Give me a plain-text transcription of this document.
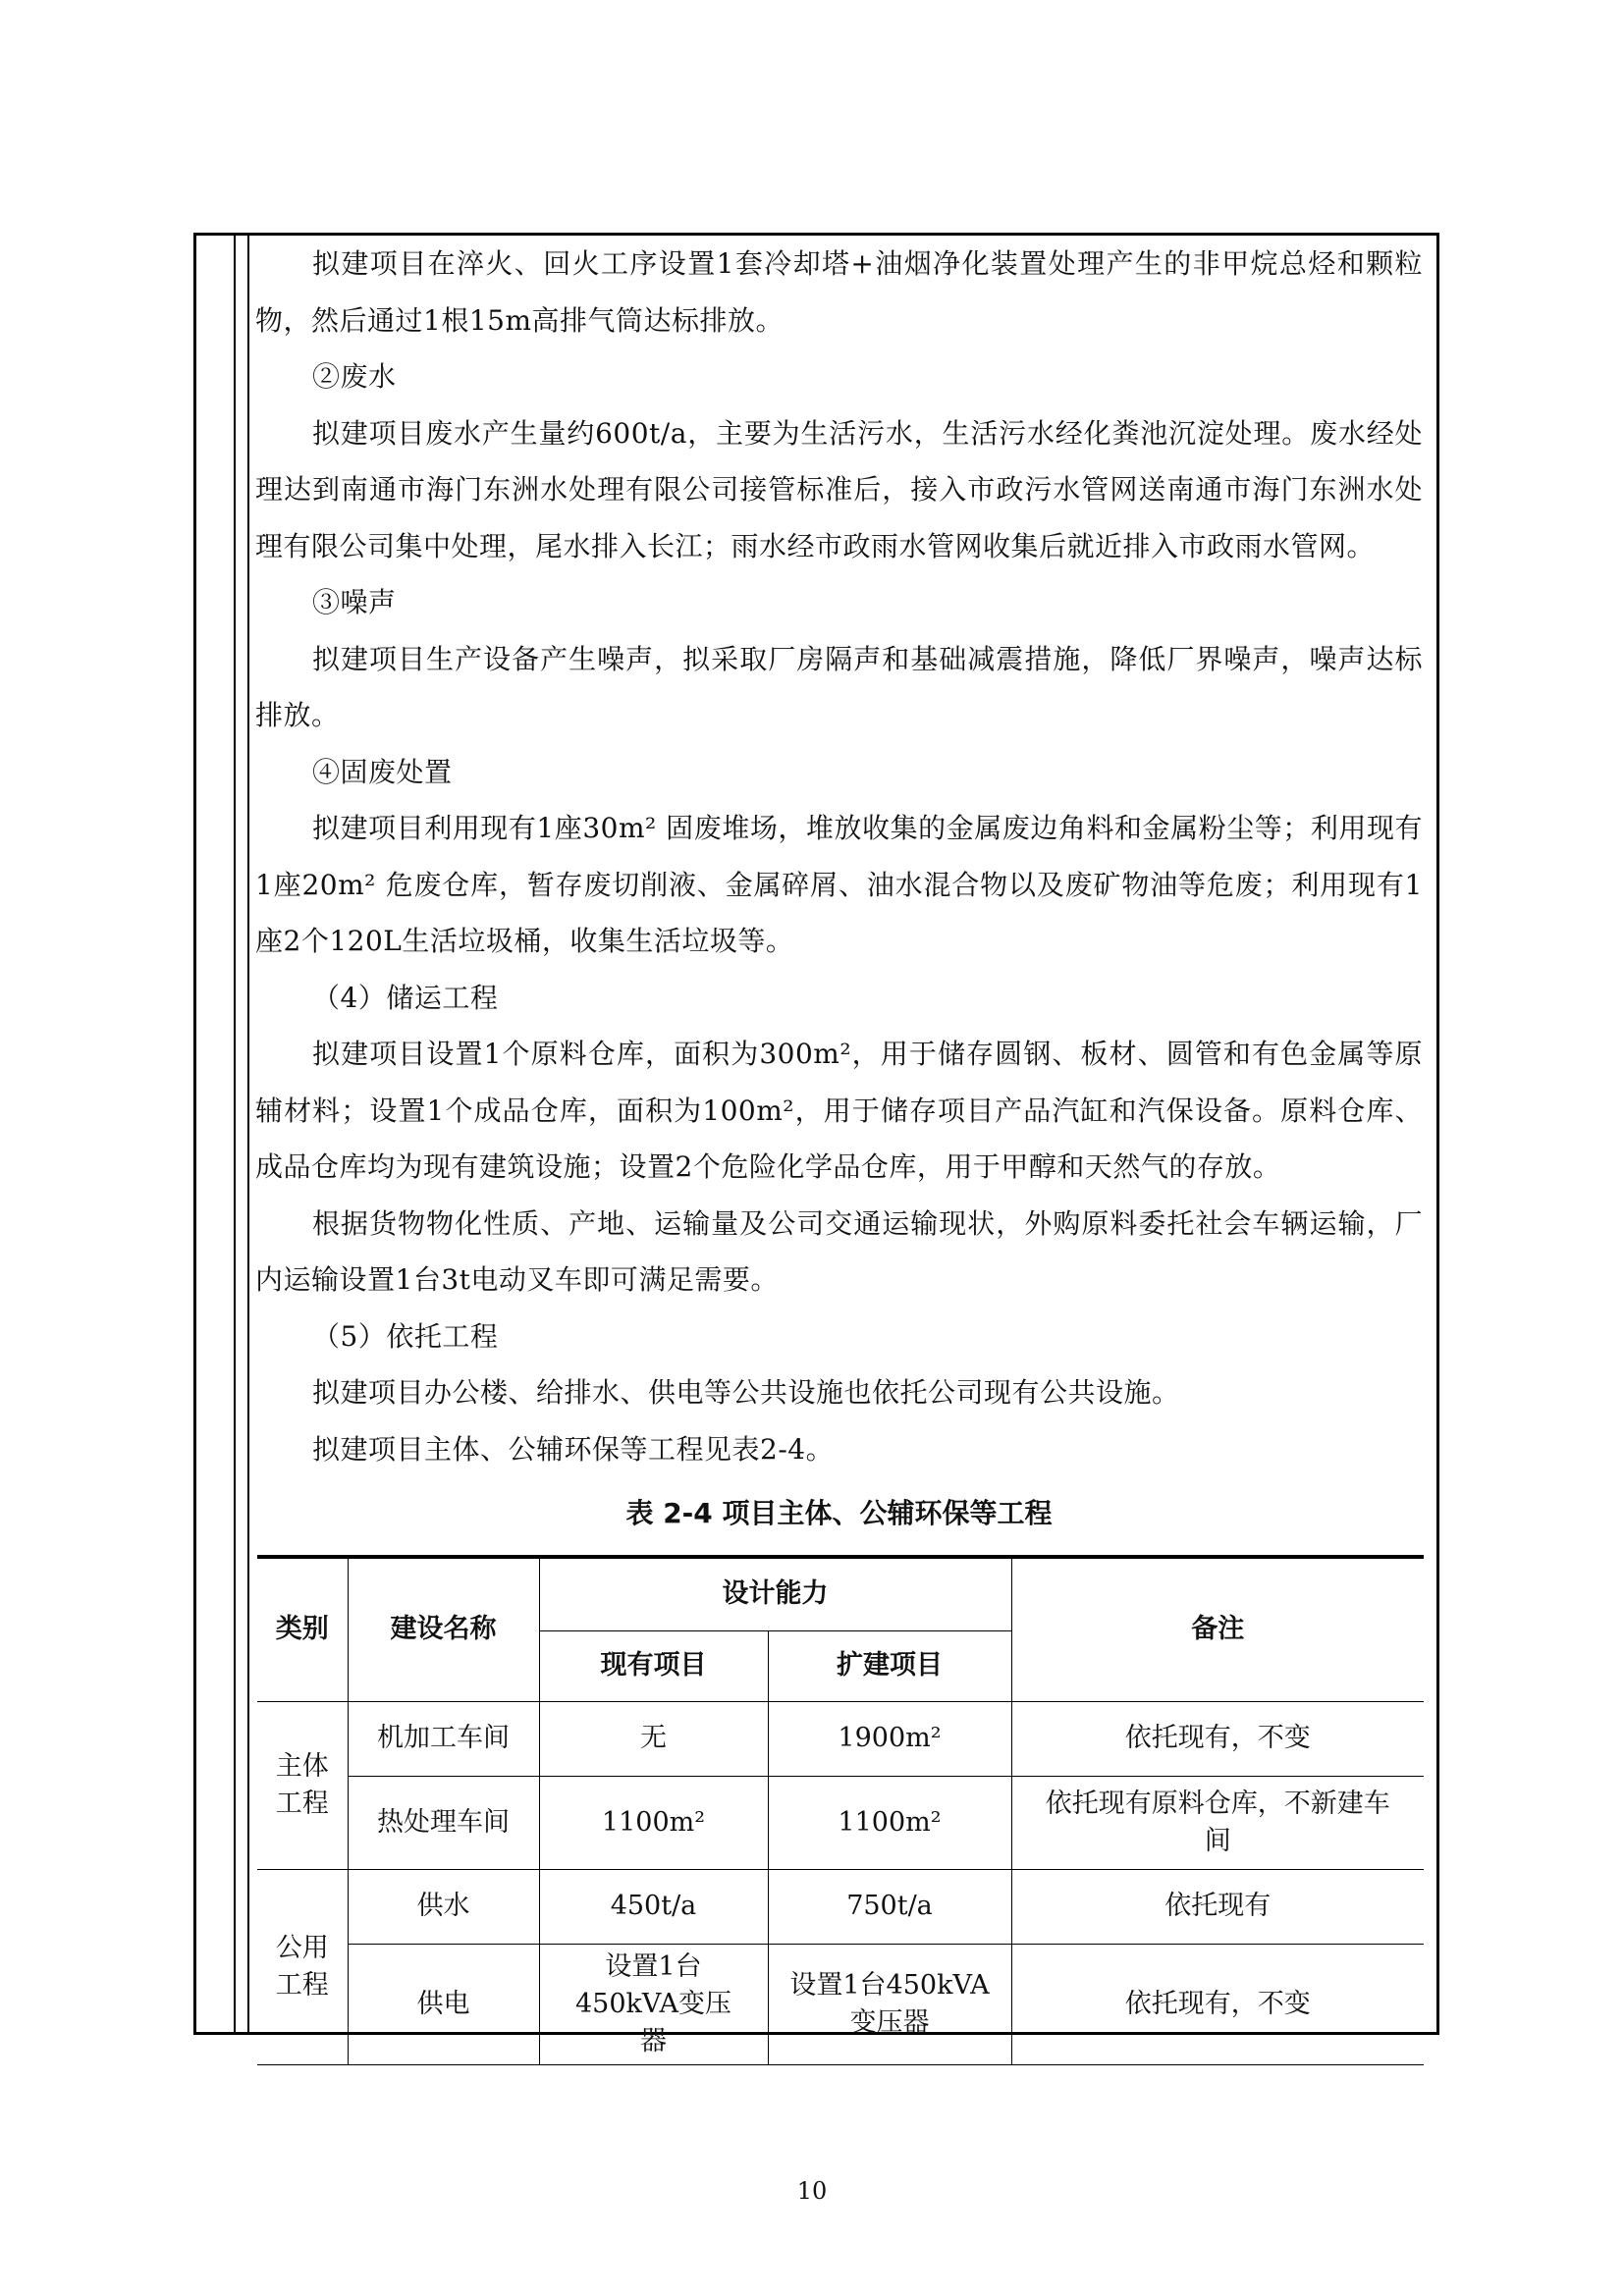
拟建项目在淬火、回火工序设置1套冷却塔+油烟净化装置处理产生的非甲烷总烃和颗粒物，然后通过1根15m高排气筒达标排放。

②废水

拟建项目废水产生量约600t/a，主要为生活污水，生活污水经化粪池沉淀处理。废水经处理达到南通市海门东洲水处理有限公司接管标准后，接入市政污水管网送南通市海门东洲水处理有限公司集中处理，尾水排入长江；雨水经市政雨水管网收集后就近排入市政雨水管网。

③噪声

拟建项目生产设备产生噪声，拟采取厂房隔声和基础减震措施，降低厂界噪声，噪声达标排放。

④固废处置

拟建项目利用现有1座30m² 固废堆场，堆放收集的金属废边角料和金属粉尘等；利用现有1座20m² 危废仓库，暂存废切削液、金属碎屑、油水混合物以及废矿物油等危废；利用现有1座2个120L生活垃圾桶，收集生活垃圾等。

（4）储运工程

拟建项目设置1个原料仓库，面积为300m²，用于储存圆钢、板材、圆管和有色金属等原辅材料；设置1个成品仓库，面积为100m²，用于储存项目产品汽缸和汽保设备。原料仓库、成品仓库均为现有建筑设施；设置2个危险化学品仓库，用于甲醇和天然气的存放。

根据货物物化性质、产地、运输量及公司交通运输现状，外购原料委托社会车辆运输，厂内运输设置1台3t电动叉车即可满足需要。

（5）依托工程

拟建项目办公楼、给排水、供电等公共设施也依托公司现有公共设施。

拟建项目主体、公辅环保等工程见表2-4。

表 2-4 项目主体、公辅环保等工程
类别	建设名称	设计能力		备注
		现有项目	扩建项目	
主体工程	机加工车间	无	1900m²	依托现有，不变
	热处理车间	1100m²	1100m²	依托现有原料仓库，不新建车间
公用工程	供水	450t/a	750t/a	依托现有
	供电	设置1台450kVA变压器	设置1台450kVA变压器	依托现有，不变
10
